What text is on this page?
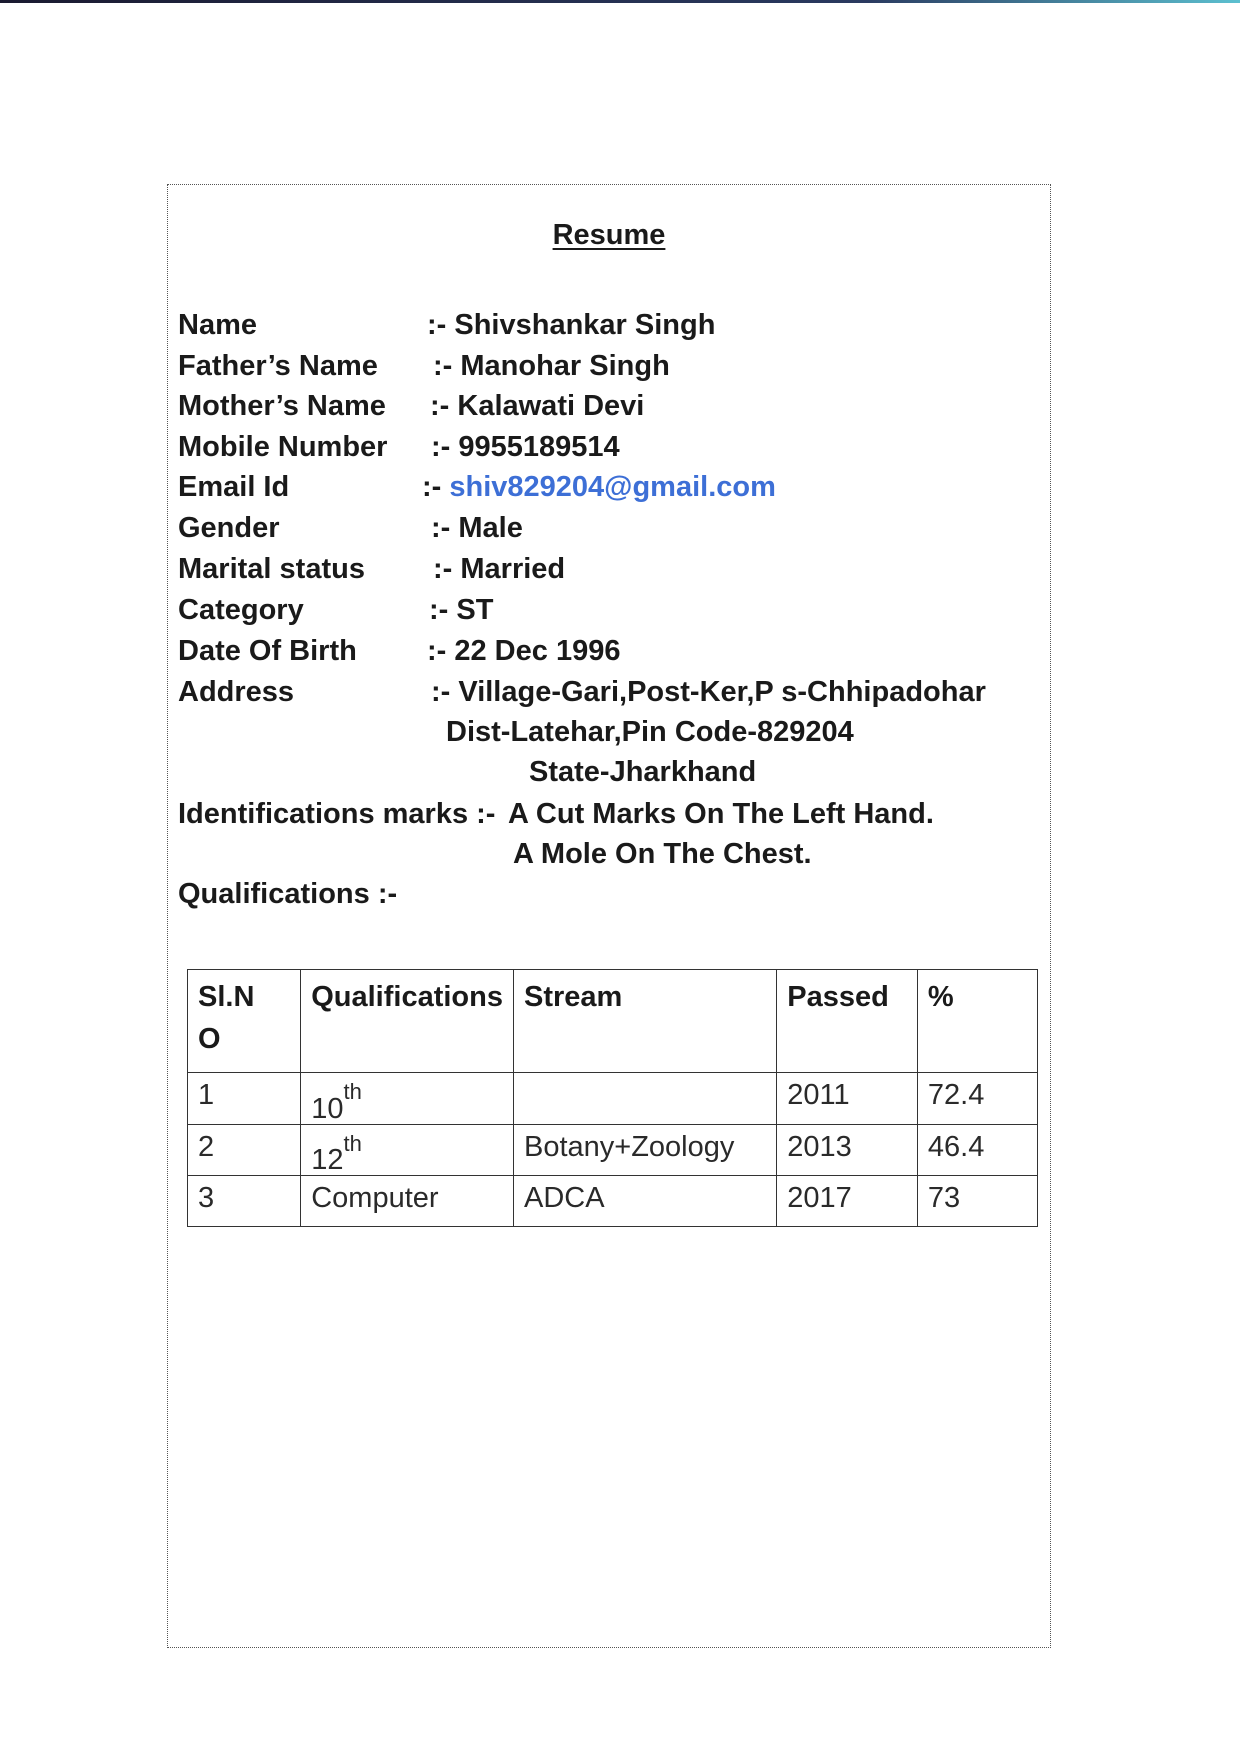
Resume
Name	:- Shivshankar Singh
Father’s Name :- Manohar Singh
Mother’s Name :- Kalawati Devi
Mobile Number :- 9955189514
Email Id	:- shiv829204@gmail.com
Gender	:- Male
Marital status :- Married
Category	:- ST
Date Of Birth :- 22 Dec 1996
Address	:- Village-Gari,Post-Ker,P s-Chhipadohar
Dist-Latehar,Pin Code-829204
State-Jharkhand
Identifications marks :- A Cut Marks On The Left Hand.
A Mole On The Chest.
Qualifications :-
Sl.N
O	Qualifications	Stream	Passed	%
1	10th		2011	72.4
2	12th	Botany+Zoology	2013	46.4
3	Computer	ADCA	2017	73
